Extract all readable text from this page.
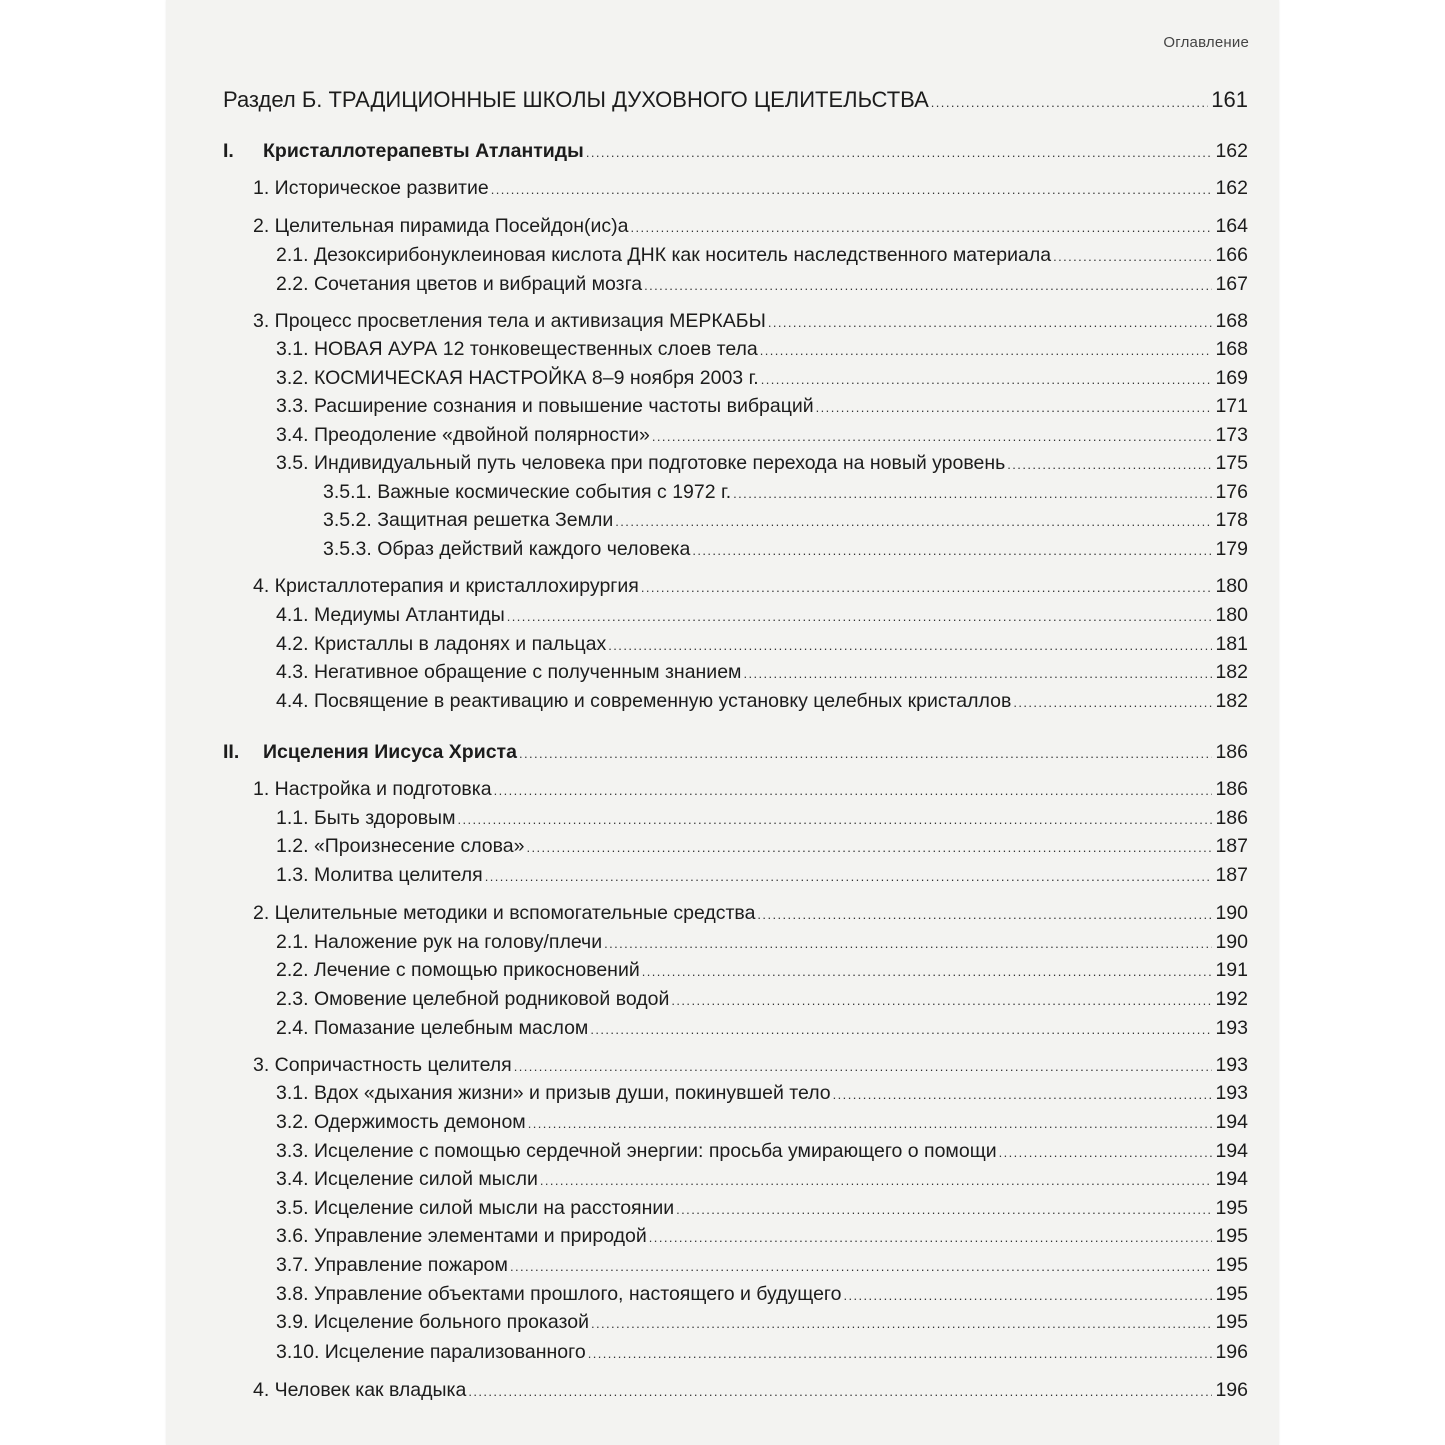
Оглавление
Раздел Б. ТРАДИЦИОННЫЕ ШКОЛЫ ДУХОВНОГО ЦЕЛИТЕЛЬСТВА .....	161
I.	Кристаллотерапевты Атлантиды .....	162
1. Историческое развитие .....	162
2. Целительная пирамида Посейдон(ис)а .....	164
2.1. Дезоксирибонуклеиновая кислота ДНК как носитель наследственного материала .....	166
2.2. Сочетания цветов и вибраций мозга .....	167
3. Процесс просветления тела и активизация МЕРКАБЫ .....	168
3.1. НОВАЯ АУРА 12 тонковещественных слоев тела .....	168
3.2. КОСМИЧЕСКАЯ НАСТРОЙКА 8–9 ноября 2003 г. .....	169
3.3. Расширение сознания и повышение частоты вибраций .....	171
3.4. Преодоление «двойной полярности» .....	173
3.5. Индивидуальный путь человека при подготовке перехода на новый уровень .....	175
3.5.1. Важные космические события с 1972 г. .....	176
3.5.2. Защитная решетка Земли .....	178
3.5.3. Образ действий каждого человека .....	179
4. Кристаллотерапия и кристаллохирургия .....	180
4.1. Медиумы Атлантиды .....	180
4.2. Кристаллы в ладонях и пальцах .....	181
4.3. Негативное обращение с полученным знанием .....	182
4.4. Посвящение в реактивацию и современную установку целебных кристаллов .....	182
II.	Исцеления Иисуса Христа .....	186
1. Настройка и подготовка .....	186
1.1. Быть здоровым .....	186
1.2. «Произнесение слова» .....	187
1.3. Молитва целителя .....	187
2. Целительные методики и вспомогательные средства .....	190
2.1. Наложение рук на голову/плечи .....	190
2.2. Лечение с помощью прикосновений .....	191
2.3. Омовение целебной родниковой водой .....	192
2.4. Помазание целебным маслом .....	193
3. Сопричастность целителя .....	193
3.1. Вдох «дыхания жизни» и призыв души, покинувшей тело .....	193
3.2. Одержимость демоном .....	194
3.3. Исцеление с помощью сердечной энергии: просьба умирающего о помощи .....	194
3.4. Исцеление силой мысли .....	194
3.5. Исцеление силой мысли на расстоянии .....	195
3.6. Управление элементами и природой .....	195
3.7. Управление пожаром .....	195
3.8. Управление объектами прошлого, настоящего и будущего .....	195
3.9. Исцеление больного проказой .....	195
3.10. Исцеление парализованного .....	196
4. Человек как владыка .....	196
